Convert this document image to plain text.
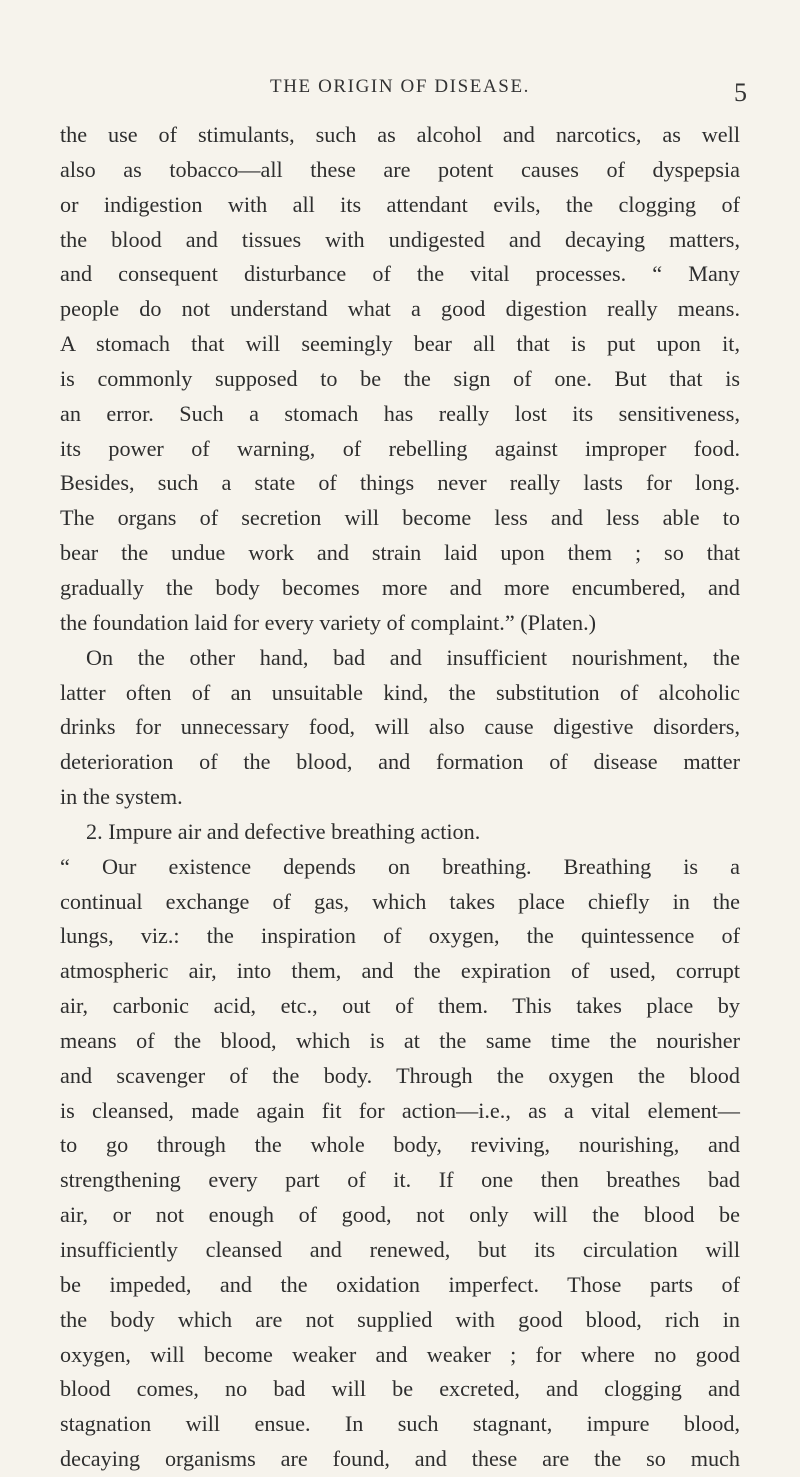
THE ORIGIN OF DISEASE.	5
the use of stimulants, such as alcohol and narcotics, as well
also as tobacco—all these are potent causes of dyspepsia
or indigestion with all its attendant evils, the clogging of
the blood and tissues with undigested and decaying matters,
and consequent disturbance of the vital processes. “ Many
people do not understand what a good digestion really means.
A stomach that will seemingly bear all that is put upon it,
is commonly supposed to be the sign of one. But that is
an error. Such a stomach has really lost its sensitiveness,
its power of warning, of rebelling against improper food.
Besides, such a state of things never really lasts for long.
The organs of secretion will become less and less able to
bear the undue work and strain laid upon them ; so that
gradually the body becomes more and more encumbered, and
the foundation laid for every variety of complaint.” (Platen.)
On the other hand, bad and insufficient nourishment, the
latter often of an unsuitable kind, the substitution of alcoholic
drinks for unnecessary food, will also cause digestive disorders,
deterioration of the blood, and formation of disease matter
in the system.
2. Impure air and defective breathing action.
“ Our existence depends on breathing. Breathing is a
continual exchange of gas, which takes place chiefly in the
lungs, viz.: the inspiration of oxygen, the quintessence of
atmospheric air, into them, and the expiration of used, corrupt
air, carbonic acid, etc., out of them. This takes place by
means of the blood, which is at the same time the nourisher
and scavenger of the body. Through the oxygen the blood
is cleansed, made again fit for action—i.e., as a vital element—
to go through the whole body, reviving, nourishing, and
strengthening every part of it. If one then breathes bad
air, or not enough of good, not only will the blood be
insufficiently cleansed and renewed, but its circulation will
be impeded, and the oxidation imperfect. Those parts of
the body which are not supplied with good blood, rich in
oxygen, will become weaker and weaker ; for where no good
blood comes, no bad will be excreted, and clogging and
stagnation will ensue. In such stagnant, impure blood,
decaying organisms are found, and these are the so much
